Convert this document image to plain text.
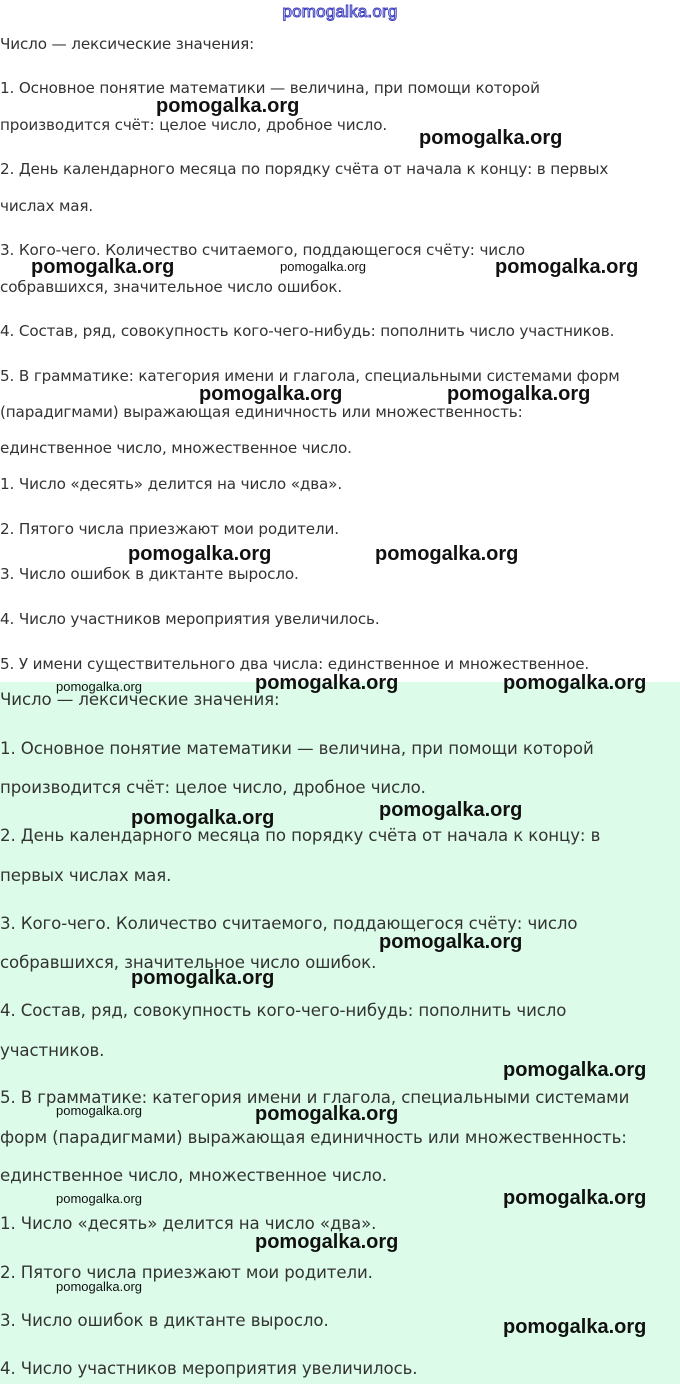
Число — лексические значения:
1. Основное понятие математики — величина, при помощи которой
производится счёт: целое число, дробное число.
2. День календарного месяца по порядку счёта от начала к концу: в первых
числах мая.
3. Кого-чего. Количество считаемого, поддающегося счёту: число
собравшихся, значительное число ошибок.
4. Состав, ряд, совокупность кого-чего-нибудь: пополнить число участников.
5. В грамматике: категория имени и глагола, специальными системами форм
(парадигмами) выражающая единичность или множественность:
единственное число, множественное число.
1. Число «десять» делится на число «два».
2. Пятого числа приезжают мои родители.
3. Число ошибок в диктанте выросло.
4. Число участников мероприятия увеличилось.
5. У имени существительного два числа: единственное и множественное.
Число — лексические значения:
1. Основное понятие математики — величина, при помощи которой
производится счёт: целое число, дробное число.
2. День календарного месяца по порядку счёта от начала к концу: в
первых числах мая.
3. Кого-чего. Количество считаемого, поддающегося счёту: число
собравшихся, значительное число ошибок.
4. Состав, ряд, совокупность кого-чего-нибудь: пополнить число
участников.
5. В грамматике: категория имени и глагола, специальными системами
форм (парадигмами) выражающая единичность или множественность:
единственное число, множественное число.
1. Число «десять» делится на число «два».
2. Пятого числа приезжают мои родители.
3. Число ошибок в диктанте выросло.
4. Число участников мероприятия увеличилось.
pomogalka.org
pomogalka.org
pomogalka.org
pomogalka.org	pomogalka.org	pomogalka.org
pomogalka.org	pomogalka.org
pomogalka.org	pomogalka.org
pomogalka.org	pomogalka.org	pomogalka.org
pomogalka.org
pomogalka.org
pomogalka.org
pomogalka.org
pomogalka.org
pomogalka.org	pomogalka.org
pomogalka.org	pomogalka.org
pomogalka.org
pomogalka.org
pomogalka.org
